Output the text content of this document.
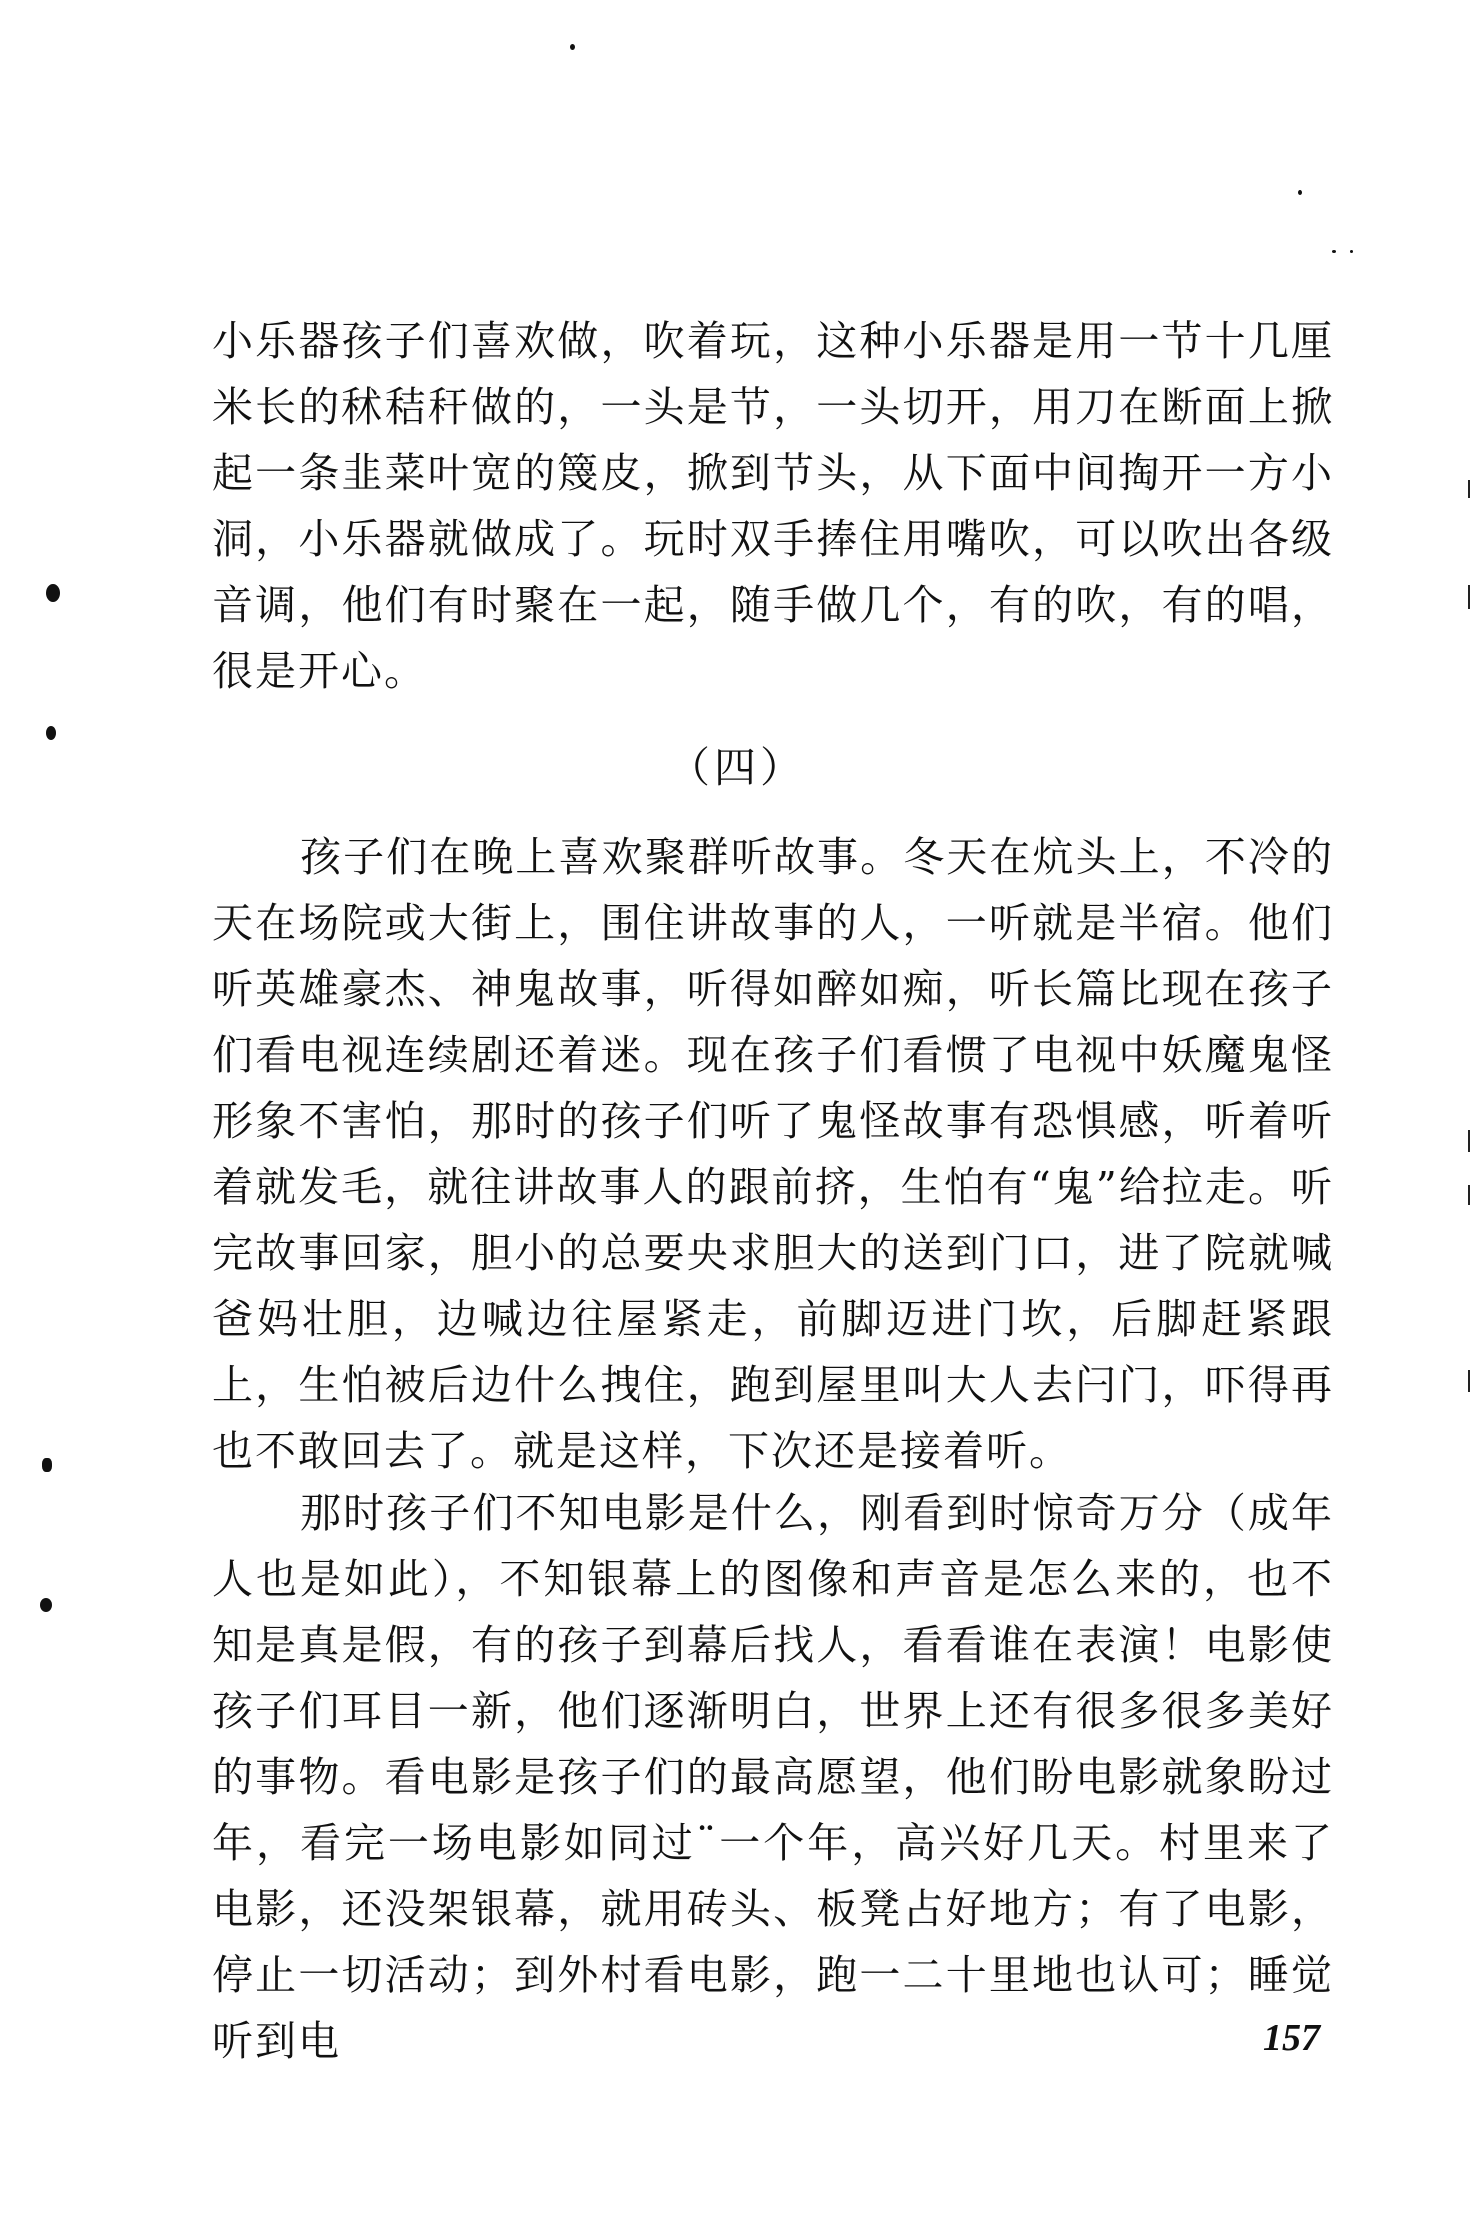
小乐器孩子们喜欢做，吹着玩，这种小乐器是用一节十几厘米长的秫秸秆做的，一头是节，一头切开，用刀在断面上掀起一条韭菜叶宽的篾皮，掀到节头，从下面中间掏开一方小洞，小乐器就做成了。玩时双手捧住用嘴吹，可以吹出各级音调，他们有时聚在一起，随手做几个，有的吹，有的唱，很是开心。

（四）

孩子们在晚上喜欢聚群听故事。冬天在炕头上，不冷的天在场院或大街上，围住讲故事的人，一听就是半宿。他们听英雄豪杰、神鬼故事，听得如醉如痴，听长篇比现在孩子们看电视连续剧还着迷。现在孩子们看惯了电视中妖魔鬼怪形象不害怕，那时的孩子们听了鬼怪故事有恐惧感，听着听着就发毛，就往讲故事人的跟前挤，生怕有“鬼”给拉走。听完故事回家，胆小的总要央求胆大的送到门口，进了院就喊爸妈壮胆，边喊边往屋紧走，前脚迈进门坎，后脚赶紧跟上，生怕被后边什么拽住，跑到屋里叫大人去闩门，吓得再也不敢回去了。就是这样，下次还是接着听。

那时孩子们不知电影是什么，刚看到时惊奇万分（成年人也是如此），不知银幕上的图像和声音是怎么来的，也不知是真是假，有的孩子到幕后找人，看看谁在表演！电影使孩子们耳目一新，他们逐渐明白，世界上还有很多很多美好的事物。看电影是孩子们的最高愿望，他们盼电影就象盼过年，看完一场电影如同过¨一个年，高兴好几天。村里来了电影，还没架银幕，就用砖头、板凳占好地方；有了电影，停止一切活动；到外村看电影，跑一二十里地也认可；睡觉听到电	157
